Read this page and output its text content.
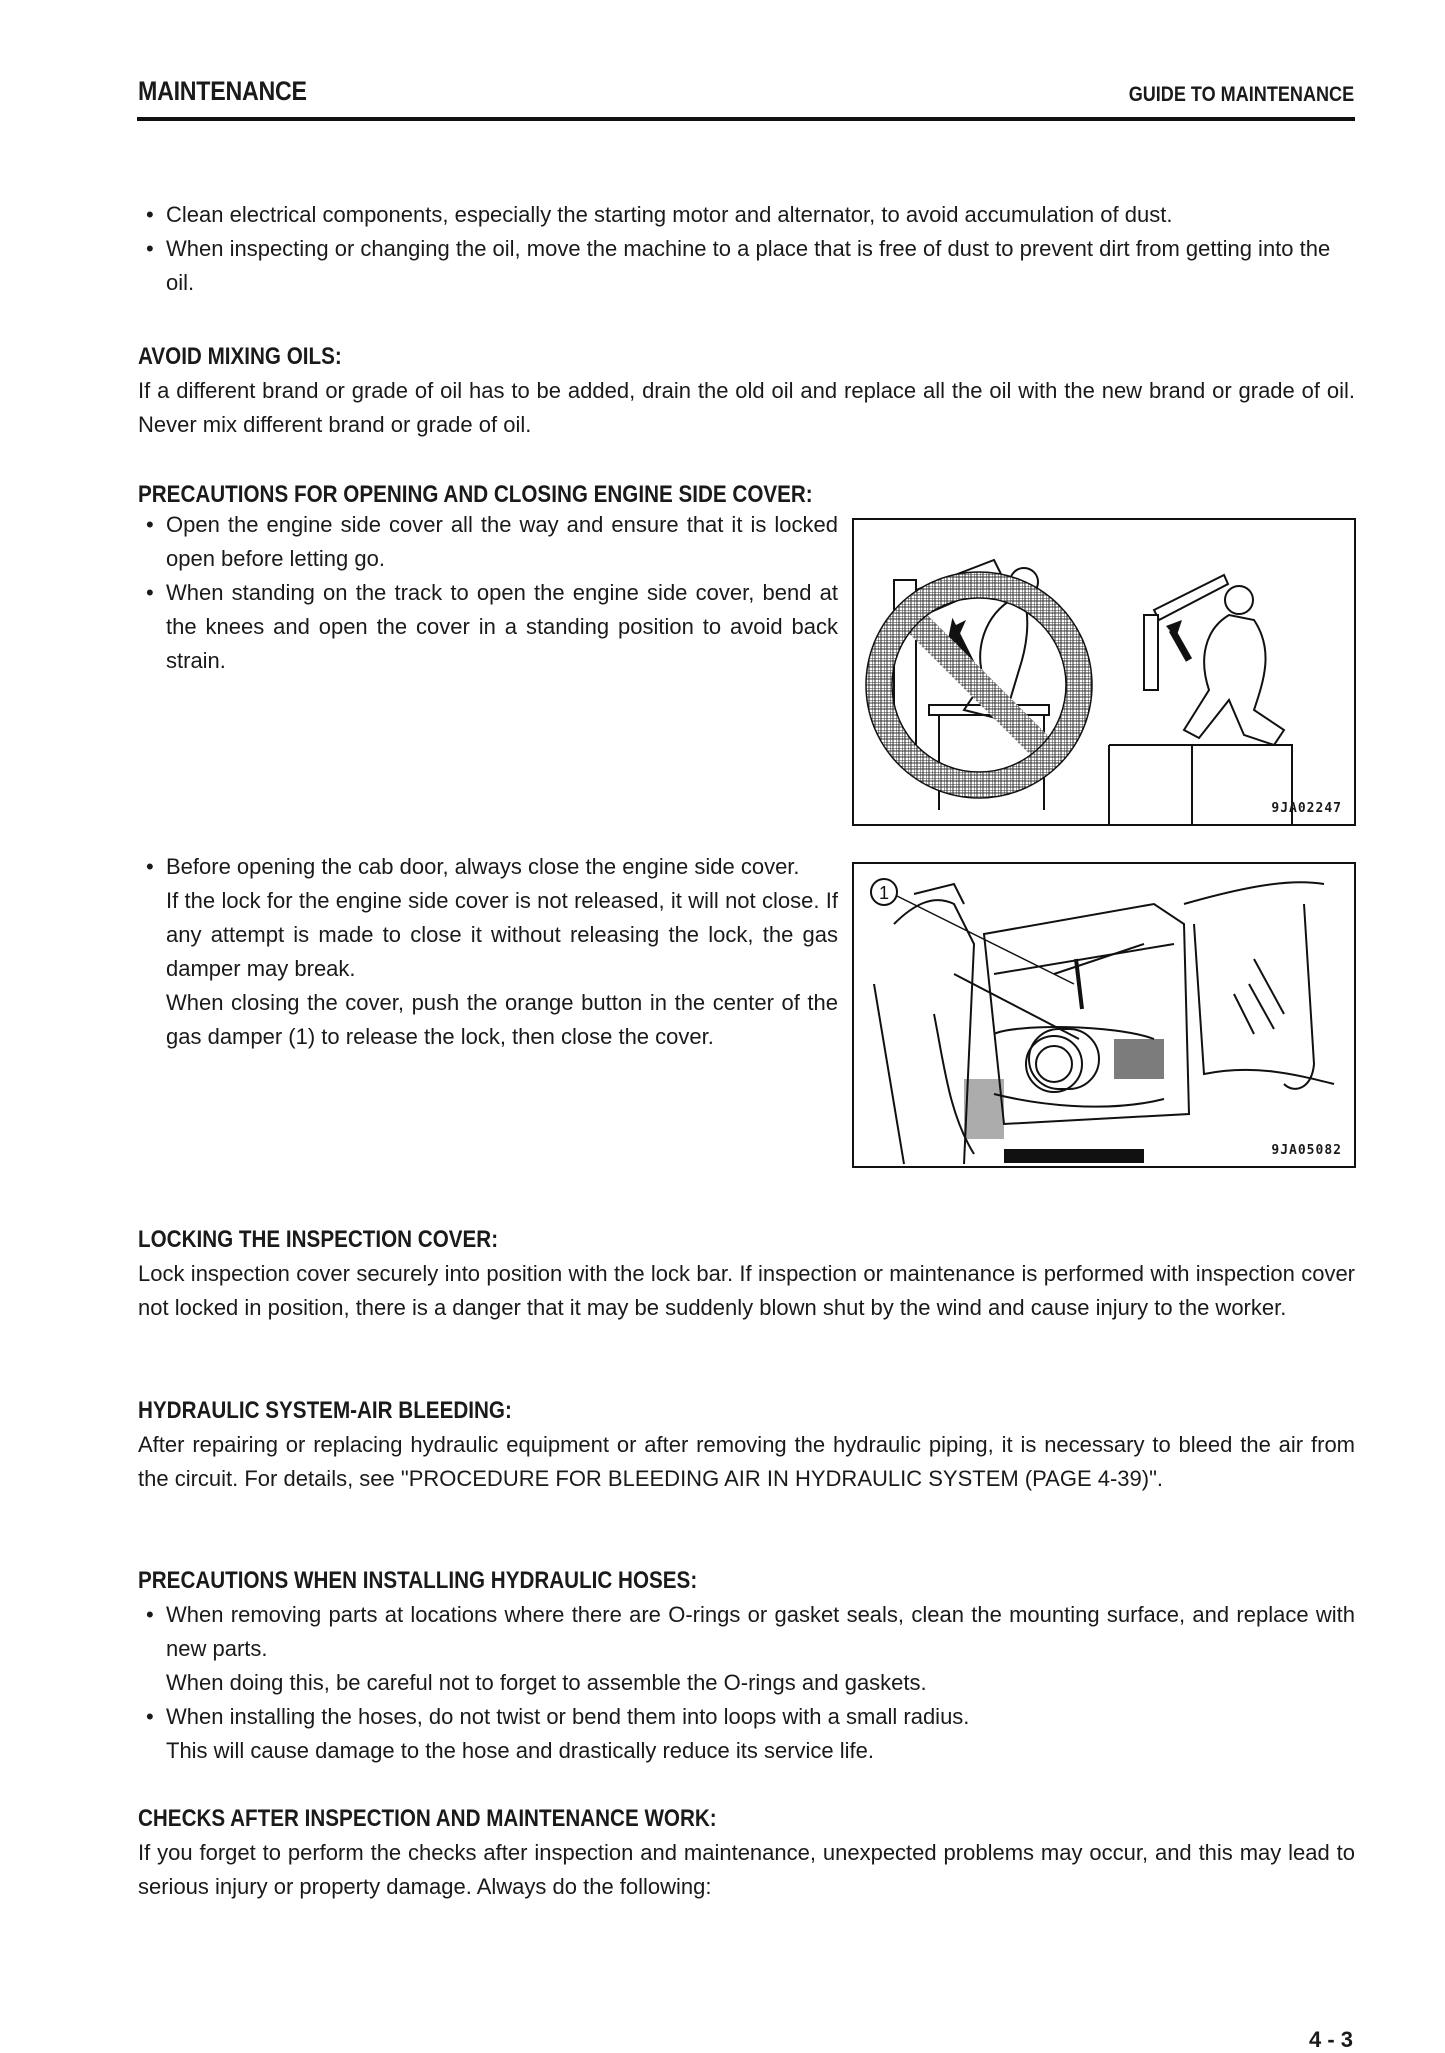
MAINTENANCE	GUIDE TO MAINTENANCE
• Clean electrical components, especially the starting motor and alternator, to avoid accumulation of dust.
• When inspecting or changing the oil, move the machine to a place that is free of dust to prevent dirt from getting into the oil.
AVOID MIXING OILS:
If a different brand or grade of oil has to be added, drain the old oil and replace all the oil with the new brand or grade of oil. Never mix different brand or grade of oil.
PRECAUTIONS FOR OPENING AND CLOSING ENGINE SIDE COVER:
• Open the engine side cover all the way and ensure that it is locked open before letting go.
• When standing on the track to open the engine side cover, bend at the knees and open the cover in a standing position to avoid back strain.
9JA02247
• Before opening the cab door, always close the engine side cover.
If the lock for the engine side cover is not released, it will not close. If any attempt is made to close it without releasing the lock, the gas damper may break.
When closing the cover, push the orange button in the center of the gas damper (1) to release the lock, then close the cover.
1
9JA05082
LOCKING THE INSPECTION COVER:
Lock inspection cover securely into position with the lock bar. If inspection or maintenance is performed with inspection cover not locked in position, there is a danger that it may be suddenly blown shut by the wind and cause injury to the worker.
HYDRAULIC SYSTEM-AIR BLEEDING:
After repairing or replacing hydraulic equipment or after removing the hydraulic piping, it is necessary to bleed the air from the circuit. For details, see "PROCEDURE FOR BLEEDING AIR IN HYDRAULIC SYSTEM (PAGE 4-39)".
PRECAUTIONS WHEN INSTALLING HYDRAULIC HOSES:
• When removing parts at locations where there are O-rings or gasket seals, clean the mounting surface, and replace with new parts.
When doing this, be careful not to forget to assemble the O-rings and gaskets.
• When installing the hoses, do not twist or bend them into loops with a small radius.
This will cause damage to the hose and drastically reduce its service life.
CHECKS AFTER INSPECTION AND MAINTENANCE WORK:
If you forget to perform the checks after inspection and maintenance, unexpected problems may occur, and this may lead to serious injury or property damage. Always do the following:
4 - 3
